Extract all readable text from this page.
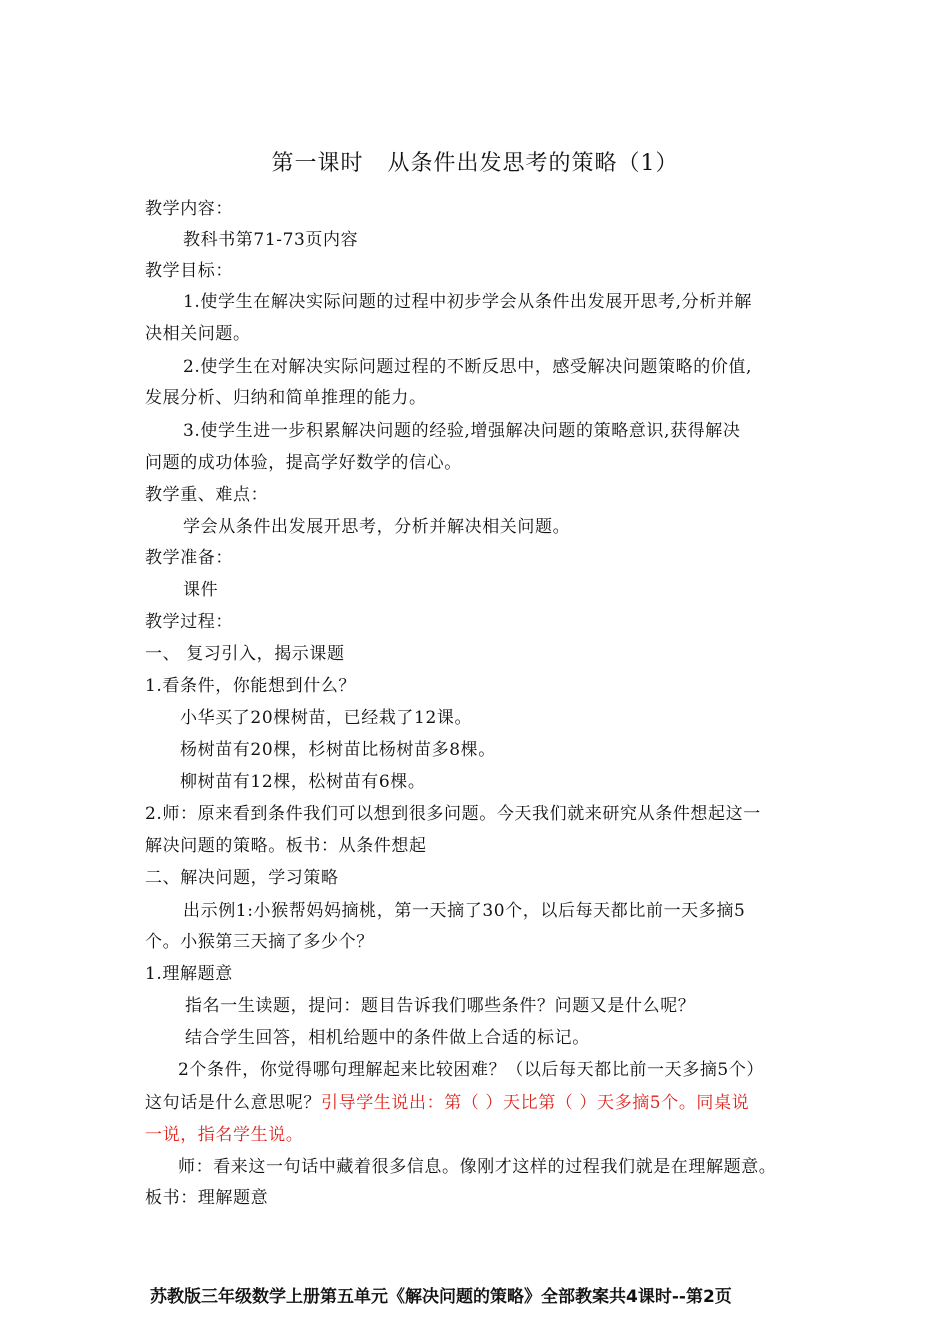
第一课时   从条件出发思考的策略（1）
教学内容：
教科书第71-73页内容
教学目标：
1.使学生在解决实际问题的过程中初步学会从条件出发展开思考,分析并解
决相关问题。
2.使学生在对解决实际问题过程的不断反思中，感受解决问题策略的价值,
发展分析、归纳和简单推理的能力。
3.使学生进一步积累解决问题的经验,增强解决问题的策略意识,获得解决
问题的成功体验，提高学好数学的信心。
教学重、难点：
学会从条件出发展开思考，分析并解决相关问题。
教学准备：
课件
教学过程：
一、 复习引入，揭示课题
1.看条件，你能想到什么？
小华买了20棵树苗，已经栽了12课。
杨树苗有20棵，杉树苗比杨树苗多8棵。
柳树苗有12棵，松树苗有6棵。
2.师：原来看到条件我们可以想到很多问题。今天我们就来研究从条件想起这一
解决问题的策略。板书：从条件想起
二、解决问题，学习策略
出示例1:小猴帮妈妈摘桃，第一天摘了30个，以后每天都比前一天多摘5
个。小猴第三天摘了多少个？
1.理解题意
指名一生读题，提问：题目告诉我们哪些条件？问题又是什么呢？
结合学生回答，相机给题中的条件做上合适的标记。
2个条件，你觉得哪句理解起来比较困难？（以后每天都比前一天多摘5个）
这句话是什么意思呢？引导学生说出：第（ ）天比第（ ）天多摘5个。同桌说
一说，指名学生说。
师：看来这一句话中藏着很多信息。像刚才这样的过程我们就是在理解题意。
板书：理解题意
苏教版三年级数学上册第五单元《解决问题的策略》全部教案共4课时--第2页
